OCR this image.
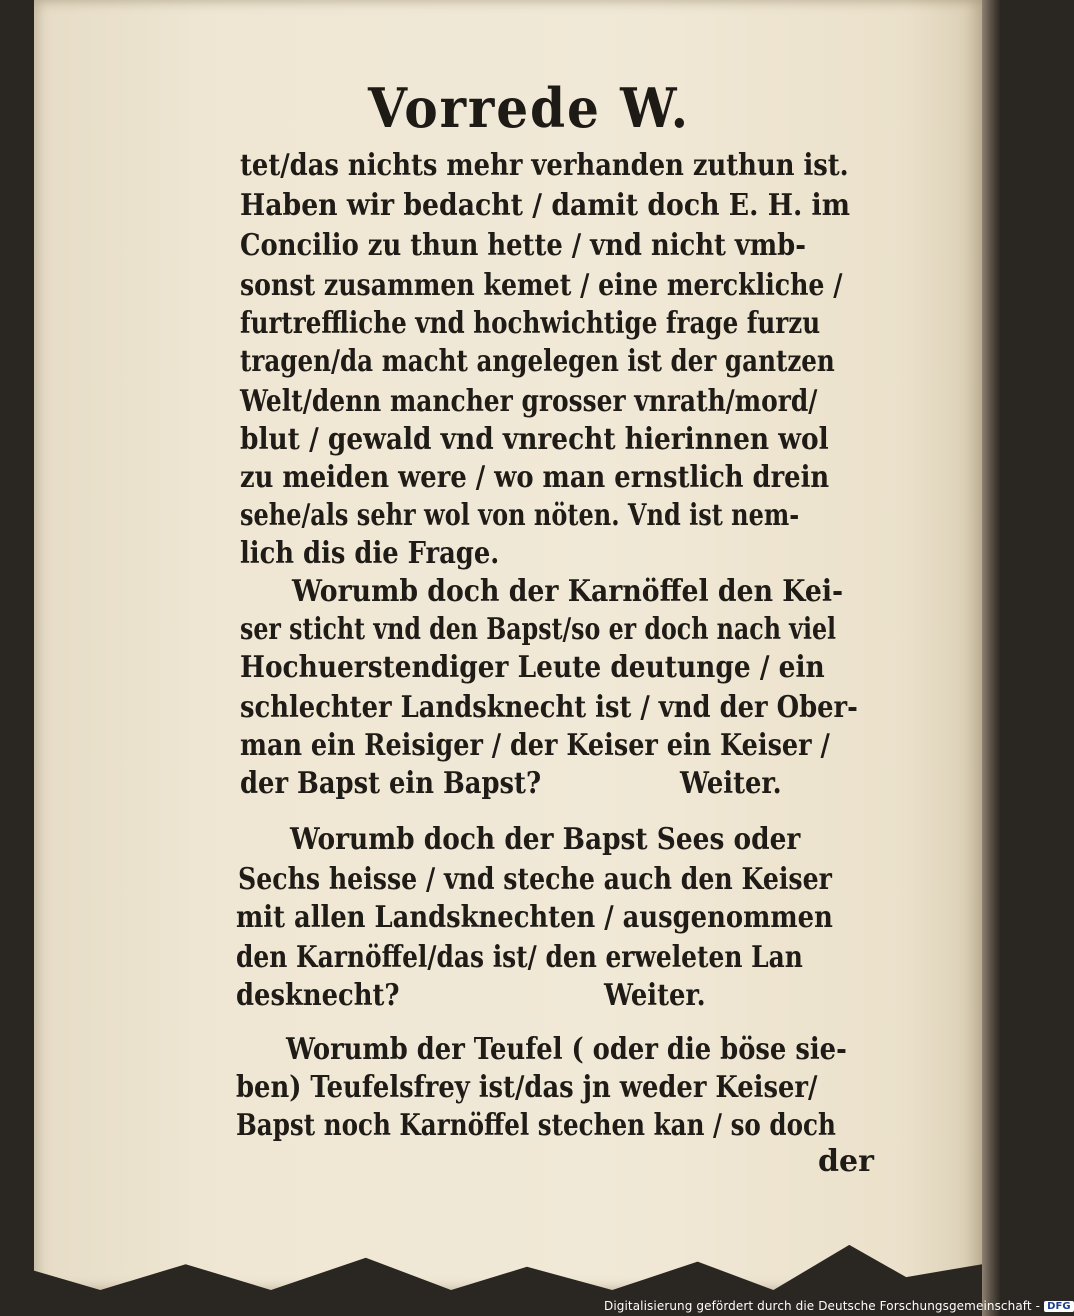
Vorrede W.
tet/das nichts mehr verhanden zuthun ist.
Haben wir bedacht / damit doch E. H. im
Concilio zu thun hette / vnd nicht vmb-
sonst zusammen kemet / eine merckliche /
furtreffliche vnd hochwichtige frage furzu
tragen/da macht angelegen ist der gantzen
Welt/denn mancher grosser vnrath/mord/
blut / gewald vnd vnrecht hierinnen wol
zu meiden were / wo man ernstlich drein
sehe/als sehr wol von nöten. Vnd ist nem-
lich dis die Frage.
Worumb doch der Karnöffel den Kei-
ser sticht vnd den Bapst/so er doch nach viel
Hochuerstendiger Leute deutunge / ein
schlechter Landsknecht ist / vnd der Ober-
man ein Reisiger / der Keiser ein Keiser /
der Bapst ein Bapst?	Weiter.
Worumb doch der Bapst Sees oder
Sechs heisse / vnd steche auch den Keiser
mit allen Landsknechten / ausgenommen
den Karnöffel/das ist/ den erweleten Lan
desknecht?	Weiter.
Worumb der Teufel ( oder die böse sie-
ben) Teufelsfrey ist/das jn weder Keiser/
Bapst noch Karnöffel stechen kan / so doch
der
Digitalisierung gefördert durch die Deutsche Forschungsgemeinschaft - DFG
